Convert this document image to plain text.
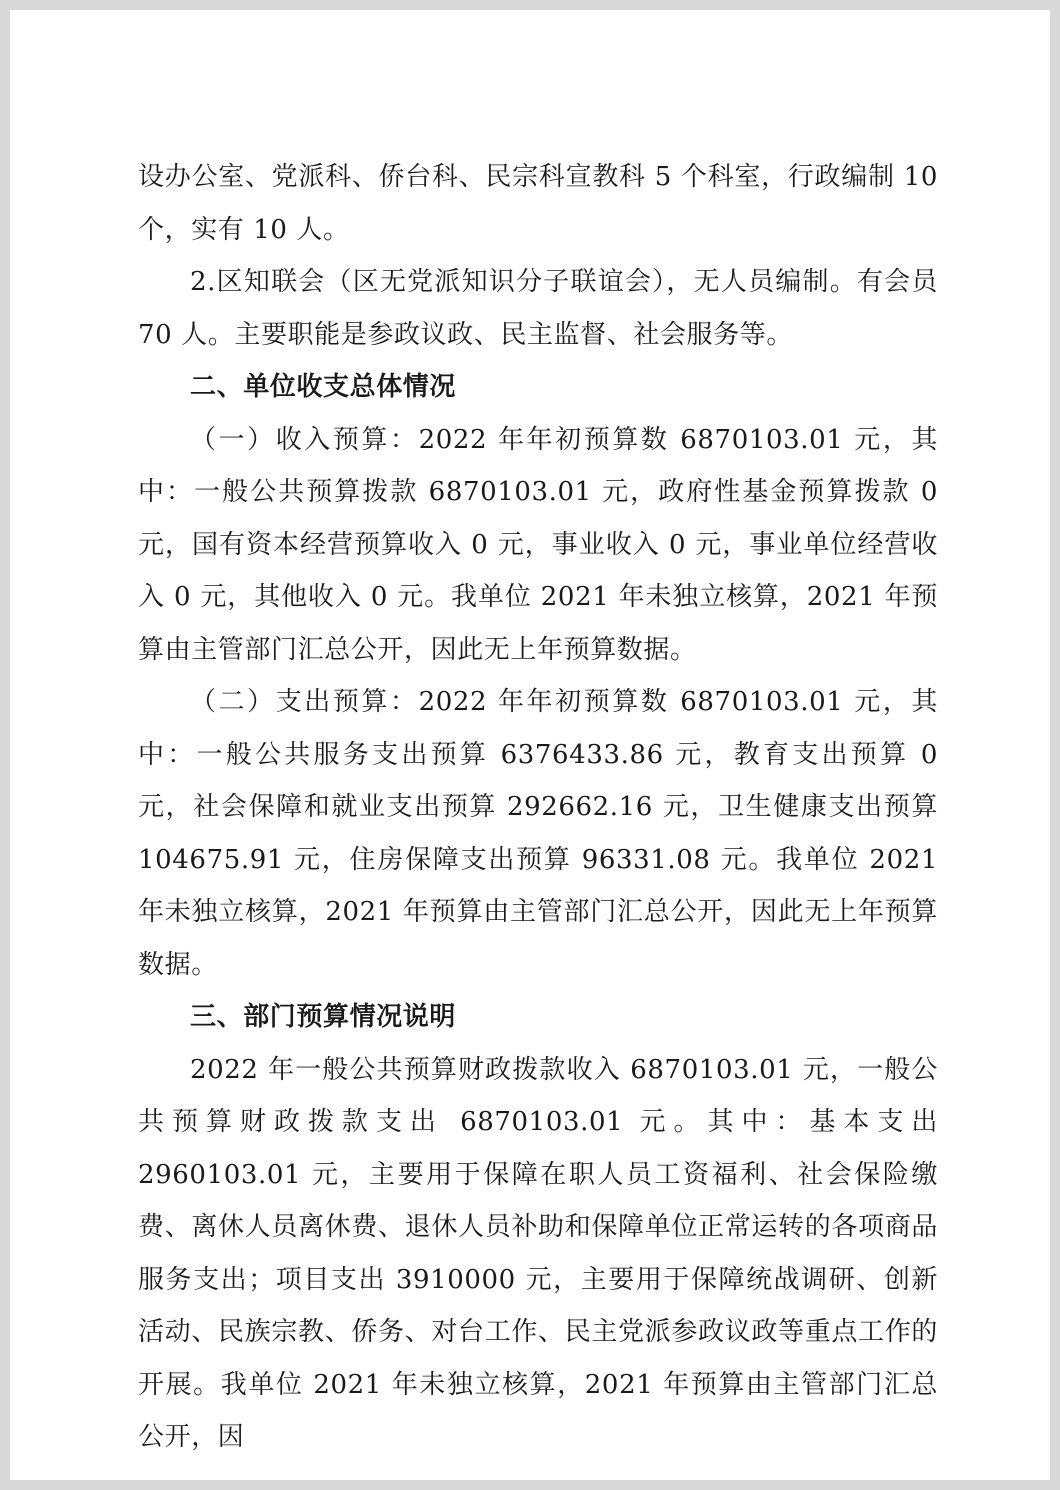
设办公室、党派科、侨台科、民宗科宣教科 5 个科室，行政编制 10 个，实有 10 人。

2.区知联会（区无党派知识分子联谊会），无人员编制。有会员 70 人。主要职能是参政议政、民主监督、社会服务等。

二、单位收支总体情况

（一）收入预算：2022 年年初预算数 6870103.01 元，其中：一般公共预算拨款 6870103.01 元，政府性基金预算拨款 0 元，国有资本经营预算收入 0 元，事业收入 0 元，事业单位经营收入 0 元，其他收入 0 元。我单位 2021 年未独立核算，2021 年预算由主管部门汇总公开，因此无上年预算数据。

（二）支出预算：2022 年年初预算数 6870103.01 元，其中：一般公共服务支出预算 6376433.86 元，教育支出预算 0 元，社会保障和就业支出预算 292662.16 元，卫生健康支出预算 104675.91 元，住房保障支出预算 96331.08 元。我单位 2021 年未独立核算，2021 年预算由主管部门汇总公开，因此无上年预算数据。

三、部门预算情况说明

2022 年一般公共预算财政拨款收入 6870103.01 元，一般公共预算财政拨款支出 6870103.01 元。其中：基本支出 2960103.01 元，主要用于保障在职人员工资福利、社会保险缴费、离休人员离休费、退休人员补助和保障单位正常运转的各项商品服务支出；项目支出 3910000 元，主要用于保障统战调研、创新活动、民族宗教、侨务、对台工作、民主党派参政议政等重点工作的开展。我单位 2021 年未独立核算，2021 年预算由主管部门汇总公开，因
